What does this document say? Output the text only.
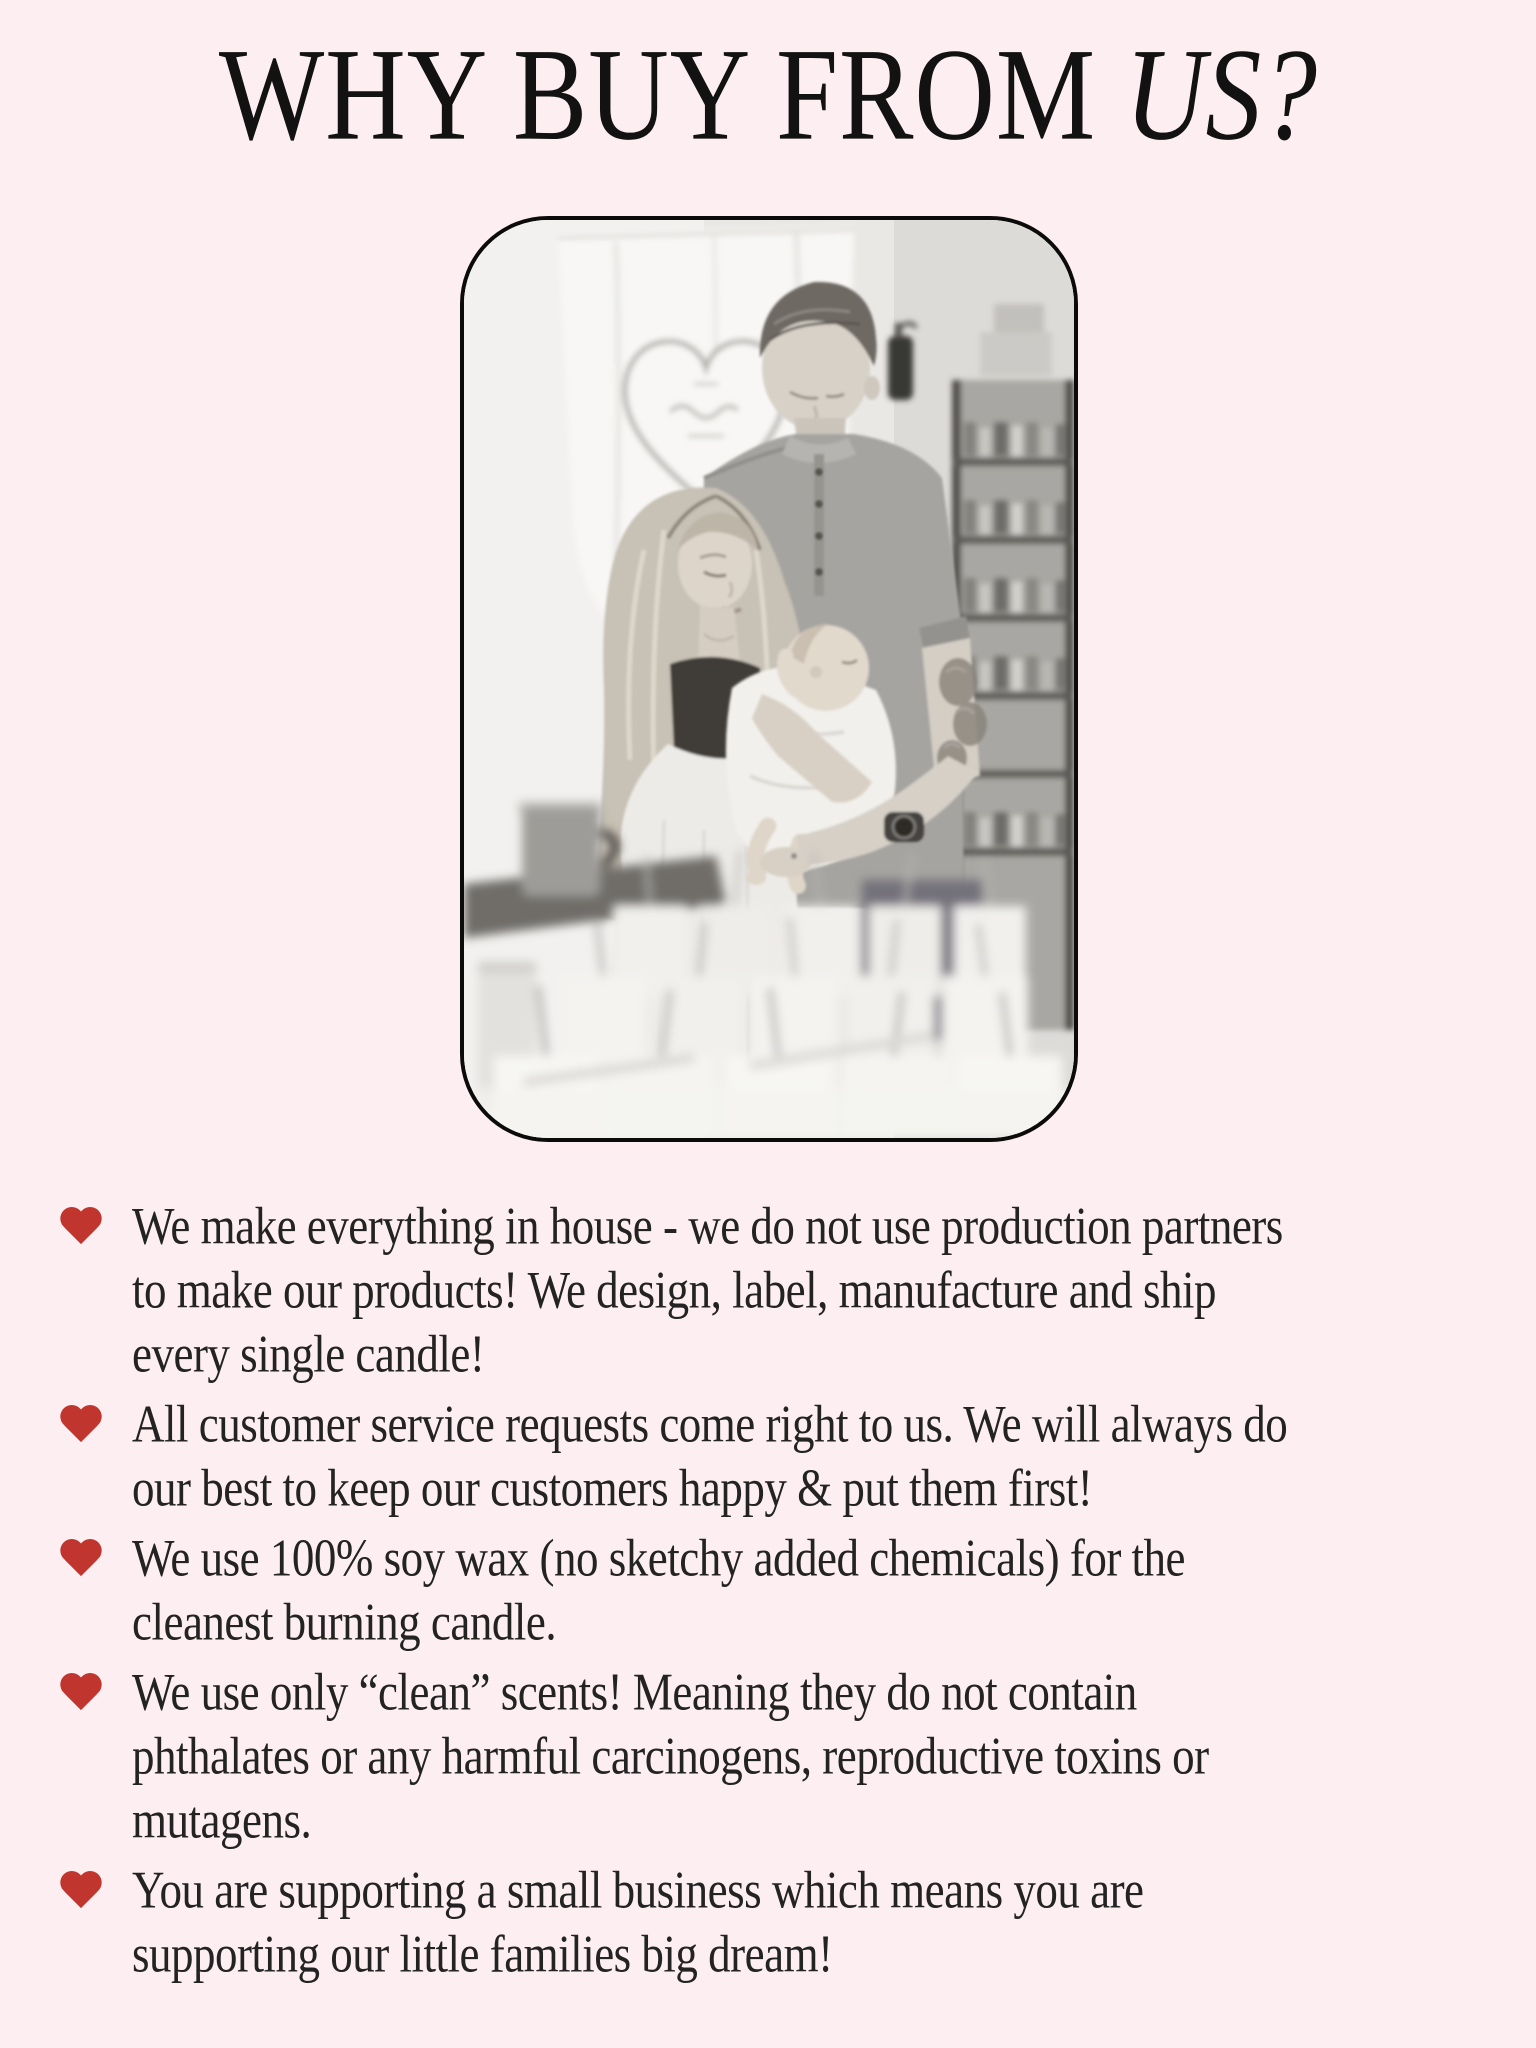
WHY BUY FROM US?
We make everything in house - we do not use production partners
to make our products! We design, label, manufacture and ship
every single candle!
All customer service requests come right to us. We will always do
our best to keep our customers happy & put them first!
We use 100% soy wax (no sketchy added chemicals) for the
cleanest burning candle.
We use only “clean” scents! Meaning they do not contain
phthalates or any harmful carcinogens, reproductive toxins or
mutagens.
You are supporting a small business which means you are
supporting our little families big dream!
